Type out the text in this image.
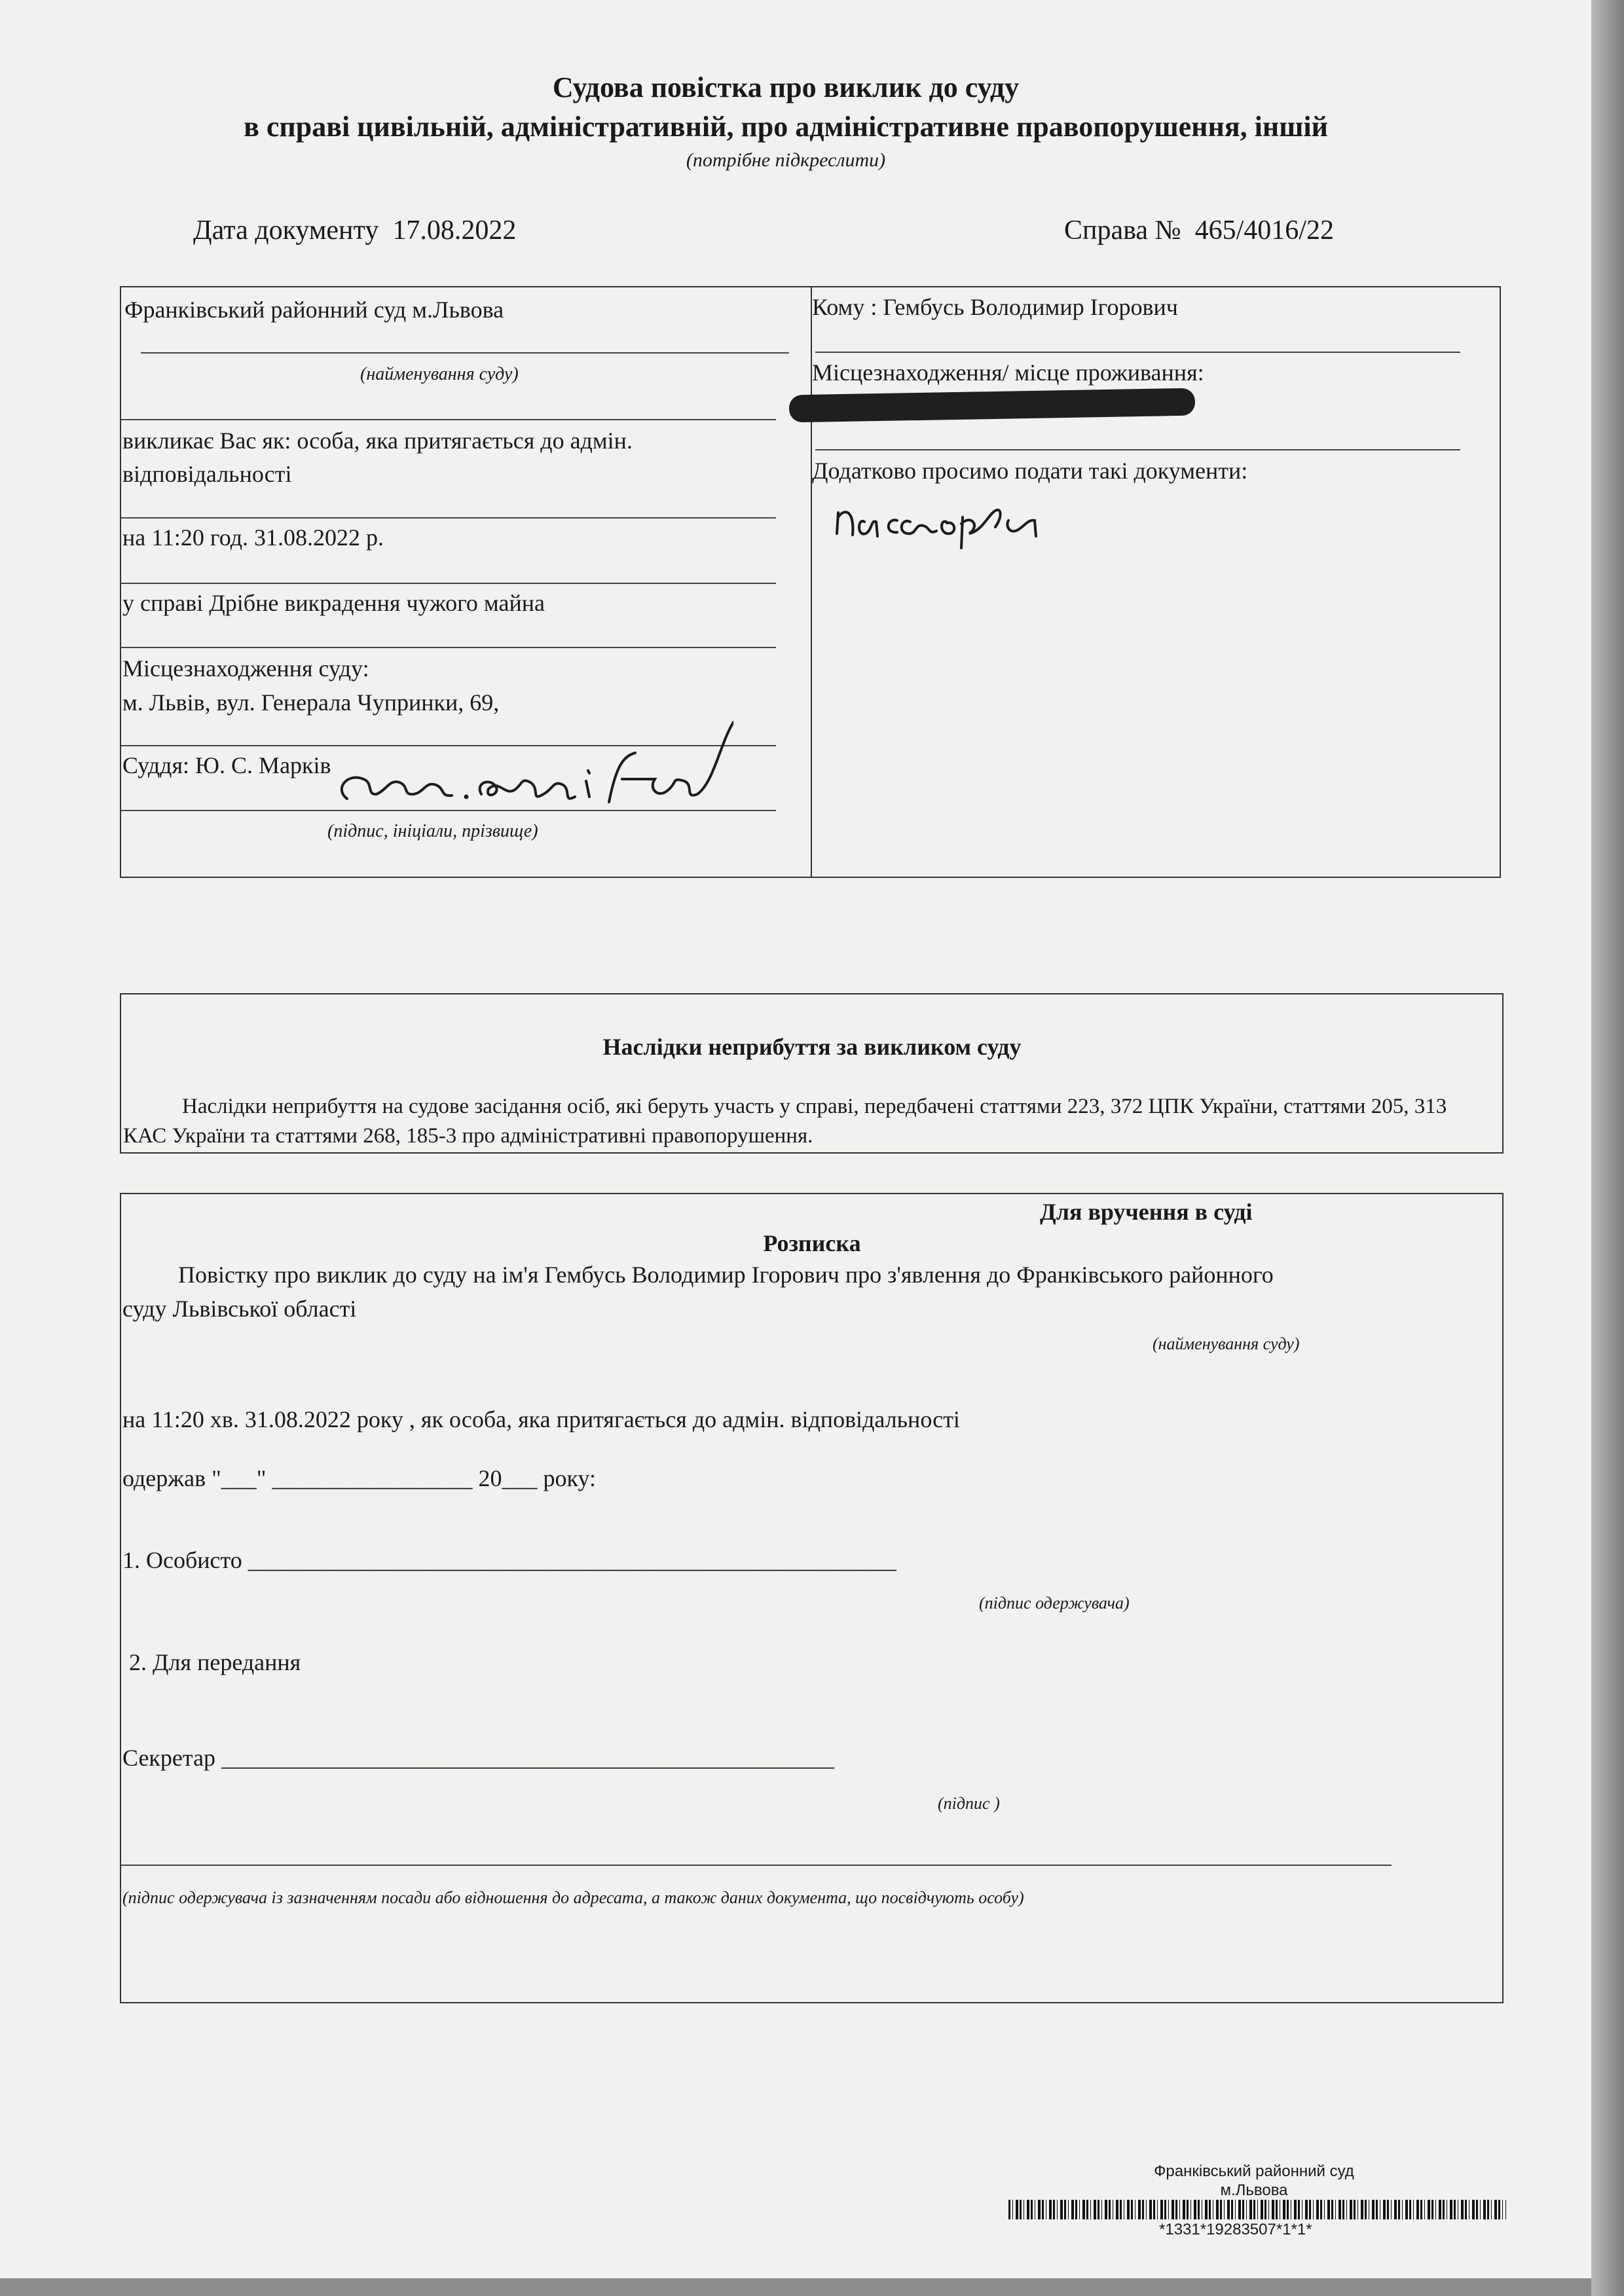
Судова повістка про виклик до суду
в справі цивільній, адміністративній, про адміністративне правопорушення, іншій
(потрібне підкреслити)
Дата документу 17.08.2022	Справа № 465/4016/22
Франківський районний суд м.Львова
(найменування суду)
викликає Вас як: особа, яка притягається до адмін.
відповідальності
на 11:20 год. 31.08.2022 р.
у справі Дрібне викрадення чужого майна
Місцезнаходження суду:
м. Львів, вул. Генерала Чупринки, 69,
Суддя: Ю. С. Марків
(підпис, ініціали, прізвище)
Кому : Гембусь Володимир Ігорович
Місцезнаходження/ місце проживання:
Додатково просимо подати такі документи:
Наслідки неприбуття за викликом суду
Наслідки неприбуття на судове засідання осіб, які беруть участь у справі, передбачені статтями 223, 372 ЦПК України, статтями 205, 313 КАС України та статтями 268, 185-3 про адміністративні правопорушення.
Для вручення в суді
Розписка
Повістку про виклик до суду на ім'я Гембусь Володимир Ігорович про з'явлення до Франківського районного
суду Львівської області
(найменування суду)
на 11:20 хв. 31.08.2022 року , як особа, яка притягається до адмін. відповідальності
одержав "___" _________________ 20___ року:
1. Особисто _______________________________________________________
(підпис одержувача)
2. Для передання
Секретар ____________________________________________________
(підпис )
(підпис одержувача із зазначенням посади або відношення до адресата, а також даних документа, що посвідчують особу)
Франківський районний суд
м.Львова
*1331*19283507*1*1*
